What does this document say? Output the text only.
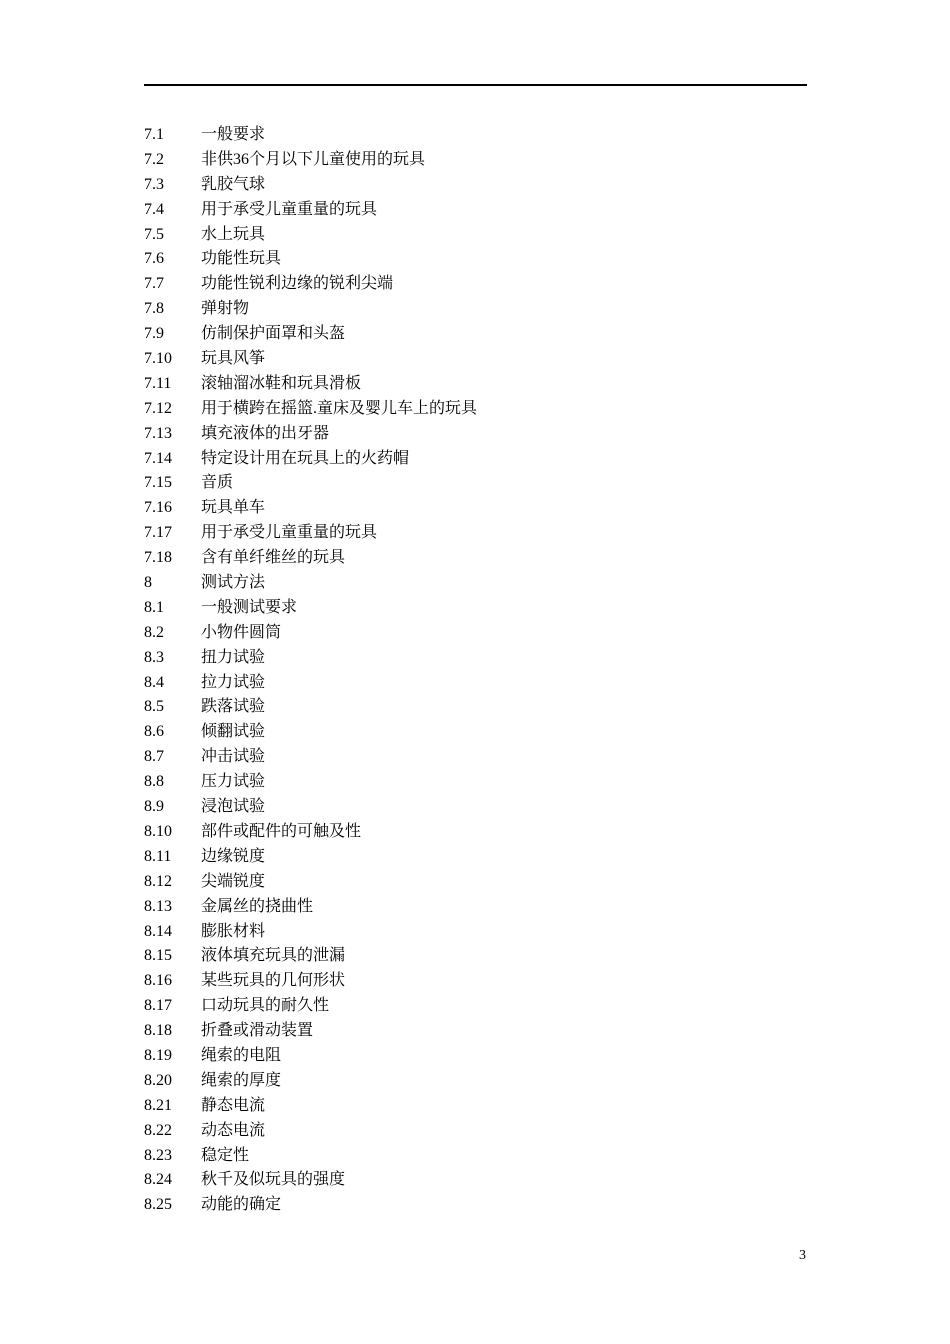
7.1	一般要求
7.2	非供36个月以下儿童使用的玩具
7.3	乳胶气球
7.4	用于承受儿童重量的玩具
7.5	水上玩具
7.6	功能性玩具
7.7	功能性锐利边缘的锐利尖端
7.8	弹射物
7.9	仿制保护面罩和头盔
7.10	玩具风筝
7.11	滚轴溜冰鞋和玩具滑板
7.12	用于横跨在摇篮.童床及婴儿车上的玩具
7.13	填充液体的出牙器
7.14	特定设计用在玩具上的火药帽
7.15	音质
7.16	玩具单车
7.17	用于承受儿童重量的玩具
7.18	含有单纤维丝的玩具
8	测试方法
8.1	一般测试要求
8.2	小物件圆筒
8.3	扭力试验
8.4	拉力试验
8.5	跌落试验
8.6	倾翻试验
8.7	冲击试验
8.8	压力试验
8.9	浸泡试验
8.10	部件或配件的可触及性
8.11	边缘锐度
8.12	尖端锐度
8.13	金属丝的挠曲性
8.14	膨胀材料
8.15	液体填充玩具的泄漏
8.16	某些玩具的几何形状
8.17	口动玩具的耐久性
8.18	折叠或滑动装置
8.19	绳索的电阻
8.20	绳索的厚度
8.21	静态电流
8.22	动态电流
8.23	稳定性
8.24	秋千及似玩具的强度
8.25	动能的确定
3
